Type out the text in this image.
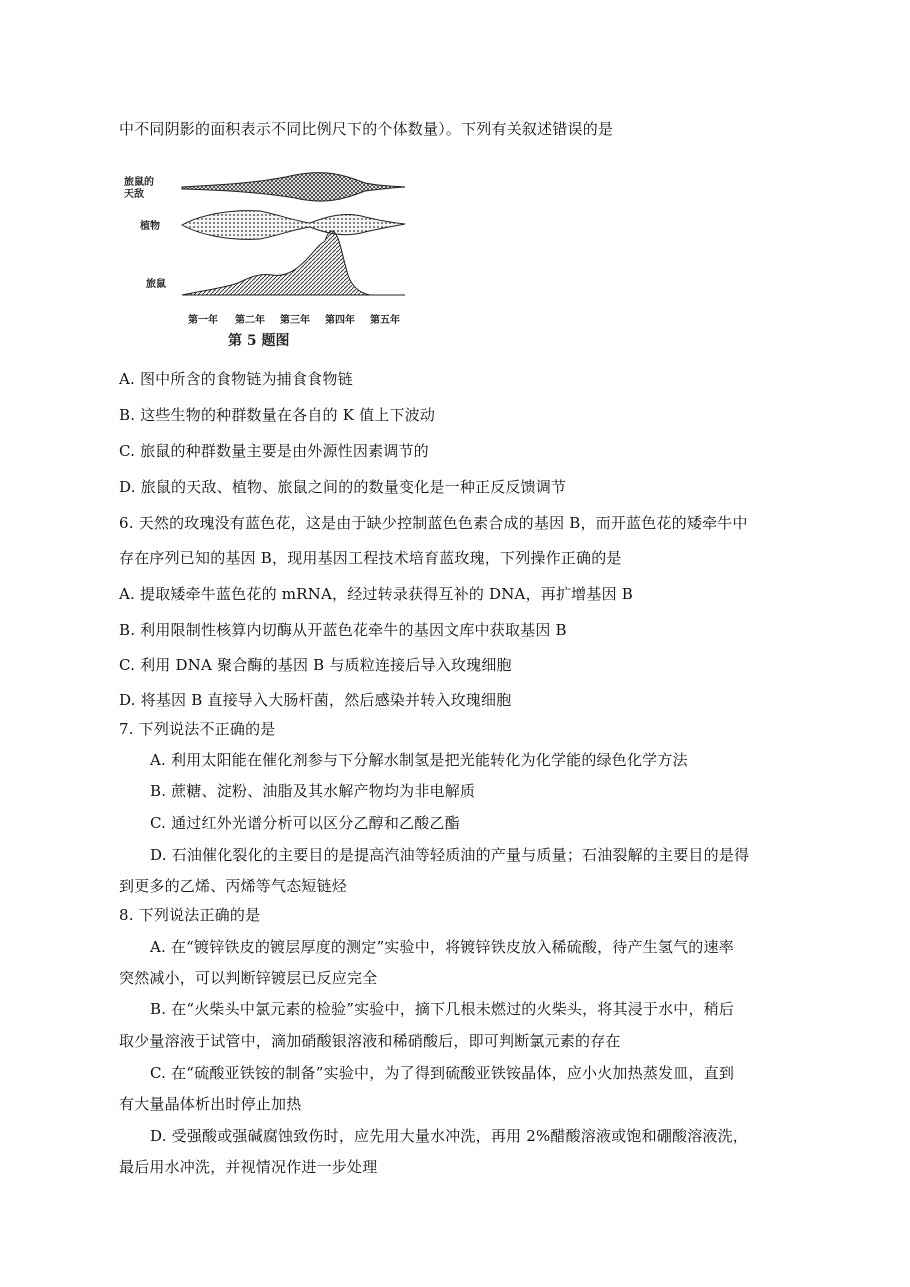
中不同阴影的面积表示不同比例尺下的个体数量）。下列有关叙述错误的是
旅鼠的
天敌
植物
旅鼠
第一年 第二年 第三年 第四年 第五年
第 5 题图
A. 图中所含的食物链为捕食食物链
B. 这些生物的种群数量在各自的 K 值上下波动
C. 旅鼠的种群数量主要是由外源性因素调节的
D. 旅鼠的天敌、植物、旅鼠之间的的数量变化是一种正反反馈调节
6. 天然的玫瑰没有蓝色花，这是由于缺少控制蓝色色素合成的基因 B，而开蓝色花的矮牵牛中
存在序列已知的基因 B，现用基因工程技术培育蓝玫瑰，下列操作正确的是
A. 提取矮牵牛蓝色花的 mRNA，经过转录获得互补的 DNA，再扩增基因 B
B. 利用限制性核算内切酶从开蓝色花牵牛的基因文库中获取基因 B
C. 利用 DNA 聚合酶的基因 B 与质粒连接后导入玫瑰细胞
D. 将基因 B 直接导入大肠杆菌，然后感染并转入玫瑰细胞
7. 下列说法不正确的是
A. 利用太阳能在催化剂参与下分解水制氢是把光能转化为化学能的绿色化学方法
B. 蔗糖、淀粉、油脂及其水解产物均为非电解质
C. 通过红外光谱分析可以区分乙醇和乙酸乙酯
D. 石油催化裂化的主要目的是提高汽油等轻质油的产量与质量；石油裂解的主要目的是得
到更多的乙烯、丙烯等气态短链烃
8. 下列说法正确的是
A. 在“镀锌铁皮的镀层厚度的测定”实验中，将镀锌铁皮放入稀硫酸，待产生氢气的速率
突然减小，可以判断锌镀层已反应完全
B. 在“火柴头中氯元素的检验”实验中，摘下几根未燃过的火柴头，将其浸于水中，稍后
取少量溶液于试管中，滴加硝酸银溶液和稀硝酸后，即可判断氯元素的存在
C. 在“硫酸亚铁铵的制备”实验中，为了得到硫酸亚铁铵晶体，应小火加热蒸发皿，直到
有大量晶体析出时停止加热
D. 受强酸或强碱腐蚀致伤时，应先用大量水冲洗，再用 2%醋酸溶液或饱和硼酸溶液洗，
最后用水冲洗，并视情况作进一步处理
